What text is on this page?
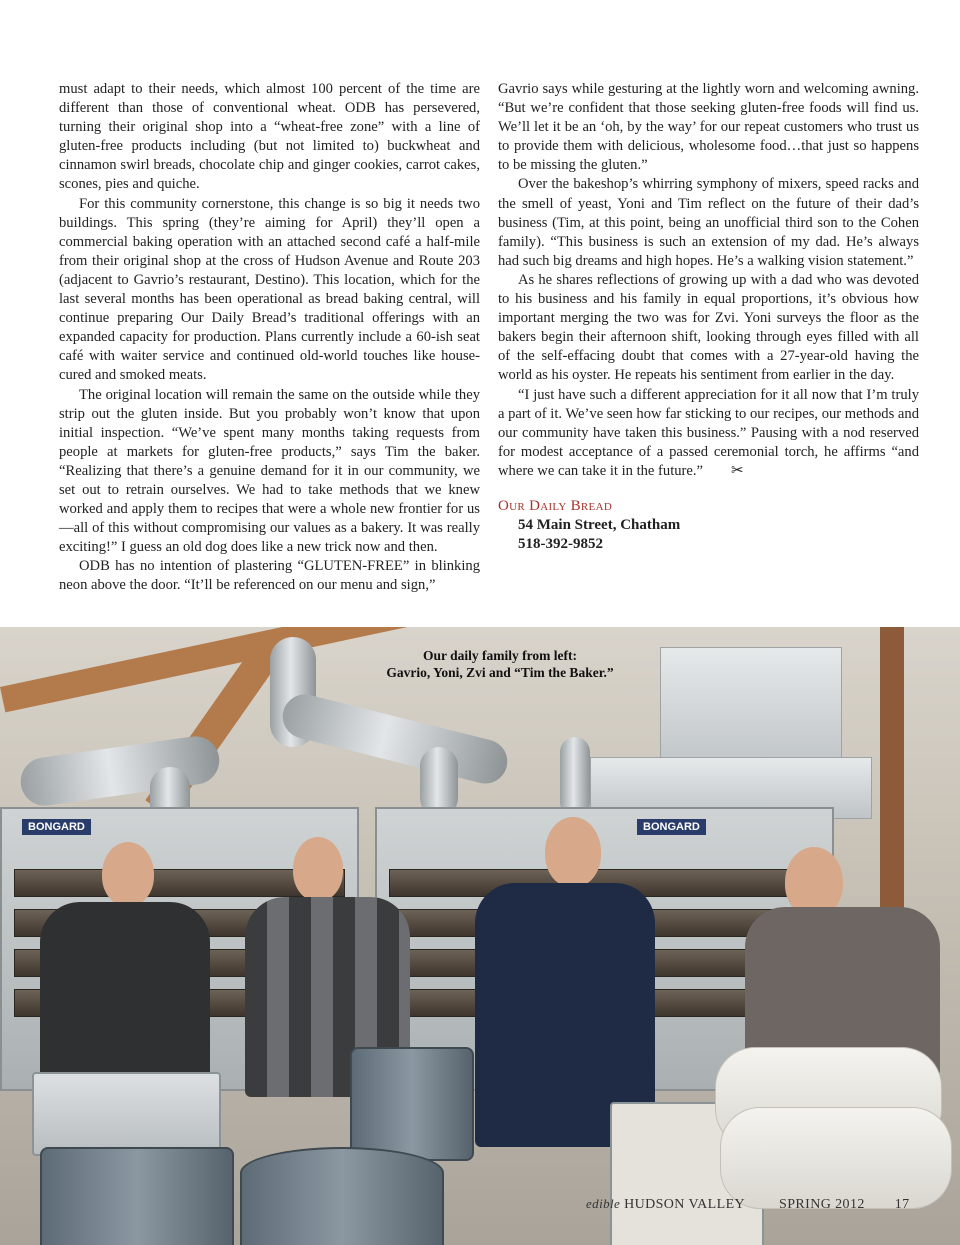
must adapt to their needs, which almost 100 percent of the time are different than those of conventional wheat. ODB has persevered, turning their original shop into a “wheat-free zone” with a line of gluten-free products including (but not limited to) buckwheat and cinnamon swirl breads, chocolate chip and ginger cookies, carrot cakes, scones, pies and quiche.

For this community cornerstone, this change is so big it needs two buildings. This spring (they’re aiming for April) they’ll open a commercial baking operation with an attached second café a half-mile from their original shop at the cross of Hudson Avenue and Route 203 (adjacent to Gavrio’s restaurant, Destino). This location, which for the last several months has been operational as bread baking central, will continue preparing Our Daily Bread’s traditional offerings with an expanded capacity for production. Plans currently include a 60-ish seat café with waiter service and continued old-world touches like house-cured and smoked meats.

The original location will remain the same on the outside while they strip out the gluten inside. But you probably won’t know that upon initial inspection. “We’ve spent many months taking requests from people at markets for gluten-free products,” says Tim the baker. “Realizing that there’s a genuine demand for it in our community, we set out to retrain ourselves. We had to take methods that we knew worked and apply them to recipes that were a whole new frontier for us—all of this without compromising our values as a bakery. It was really exciting!” I guess an old dog does like a new trick now and then.

ODB has no intention of plastering “GLUTEN-FREE” in blinking neon above the door. “It’ll be referenced on our menu and sign,”

Gavrio says while gesturing at the lightly worn and welcoming awning. “But we’re confident that those seeking gluten-free foods will find us. We’ll let it be an ‘oh, by the way’ for our repeat customers who trust us to provide them with delicious, wholesome food…that just so happens to be missing the gluten.”

Over the bakeshop’s whirring symphony of mixers, speed racks and the smell of yeast, Yoni and Tim reflect on the future of their dad’s business (Tim, at this point, being an unofficial third son to the Cohen family). “This business is such an extension of my dad. He’s always had such big dreams and high hopes. He’s a walking vision statement.”

As he shares reflections of growing up with a dad who was devoted to his business and his family in equal proportions, it’s obvious how important merging the two was for Zvi. Yoni surveys the floor as the bakers begin their afternoon shift, looking through eyes filled with all of the self-effacing doubt that comes with a 27-year-old having the world as his oyster. He repeats his sentiment from earlier in the day.

“I just have such a different appreciation for it all now that I’m truly a part of it. We’ve seen how far sticking to our recipes, our methods and our community have taken this business.” Pausing with a nod reserved for modest acceptance of a passed ceremonial torch, he affirms “and where we can take it in the future.” ✂

Our Daily Bread
54 Main Street, Chatham
518-392-9852
BONGARD	BONGARD
Our daily family from left:
Gavrio, Yoni, Zvi and “Tim the Baker.”
edible HUDSON VALLEY SPRING 2012 17
